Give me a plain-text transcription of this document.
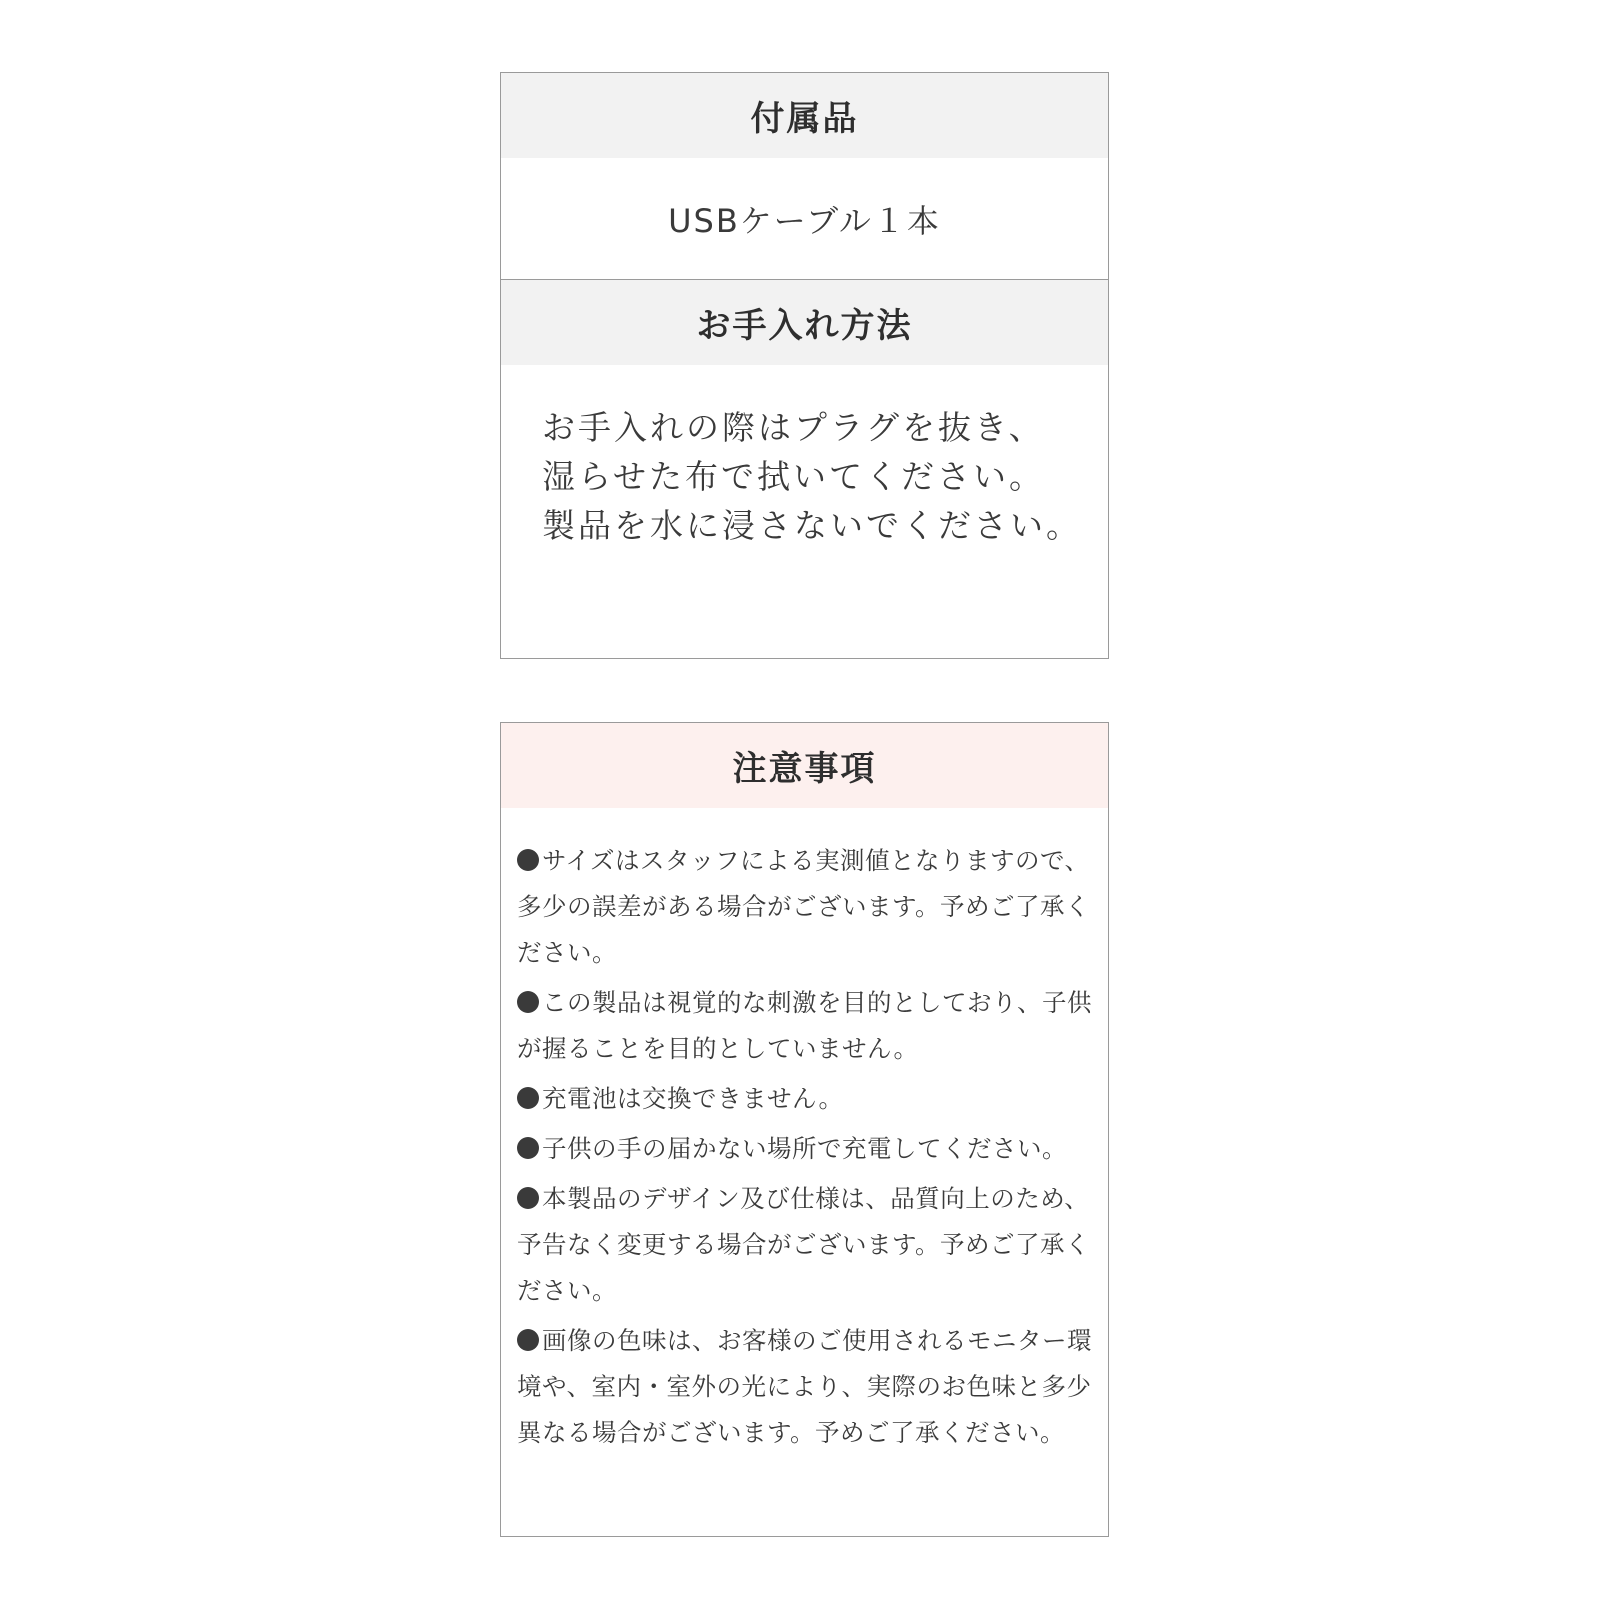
付属品
USBケーブル１本
お手入れ方法
お手入れの際はプラグを抜き、
湿らせた布で拭いてください。
製品を水に浸さないでください。
注意事項
サイズはスタッフによる実測値となりますので、多少の誤差がある場合がございます。予めご了承ください。
この製品は視覚的な刺激を目的としており、子供が握ることを目的としていません。
充電池は交換できません。
子供の手の届かない場所で充電してください。
本製品のデザイン及び仕様は、品質向上のため、予告なく変更する場合がございます。予めご了承ください。
画像の色味は、お客様のご使用されるモニター環境や、室内・室外の光により、実際のお色味と多少異なる場合がございます。予めご了承ください。
